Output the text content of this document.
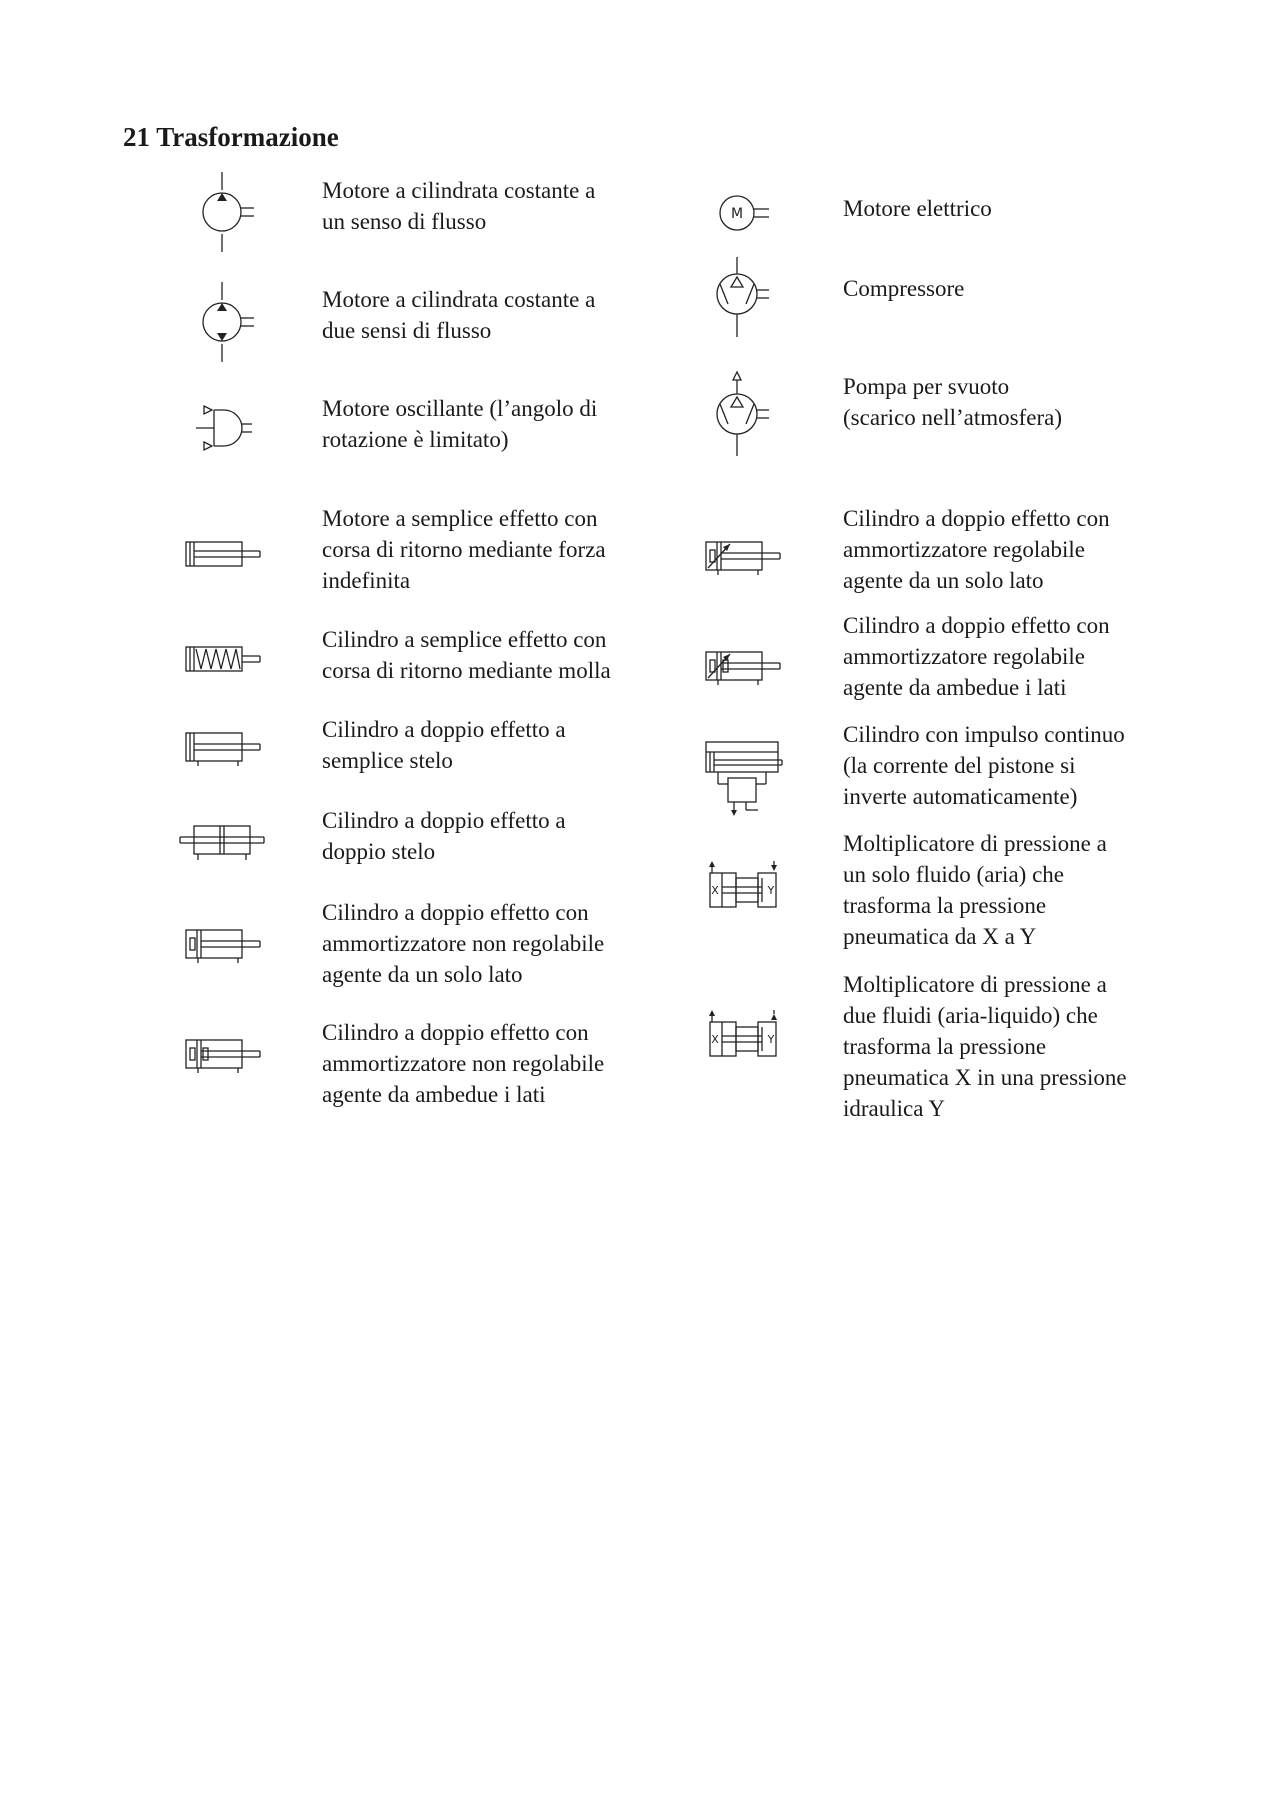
21 Trasformazione

Motore a cilindrata costante a
un senso di flusso

Motore a cilindrata costante a
due sensi di flusso

Motore oscillante (l’angolo di
rotazione è limitato)

Motore a semplice effetto con
corsa di ritorno mediante forza
indefinita

Cilindro a semplice effetto con
corsa di ritorno mediante molla

Cilindro a doppio effetto a
semplice stelo

Cilindro a doppio effetto a
doppio stelo

Cilindro a doppio effetto con
ammortizzatore non regolabile
agente da un solo lato

Cilindro a doppio effetto con
ammortizzatore non regolabile
agente da ambedue i lati

M	Motore elettrico

Compressore

Pompa per svuoto
(scarico nell’atmosfera)

Cilindro a doppio effetto con
ammortizzatore regolabile
agente da un solo lato

Cilindro a doppio effetto con
ammortizzatore regolabile
agente da ambedue i lati

Cilindro con impulso continuo
(la corrente del pistone si
inverte automaticamente)

X	Y

Moltiplicatore di pressione a
un solo fluido (aria) che
trasforma la pressione
pneumatica da X a Y

X	Y

Moltiplicatore di pressione a
due fluidi (aria-liquido) che
trasforma la pressione
pneumatica X in una pressione
idraulica Y
